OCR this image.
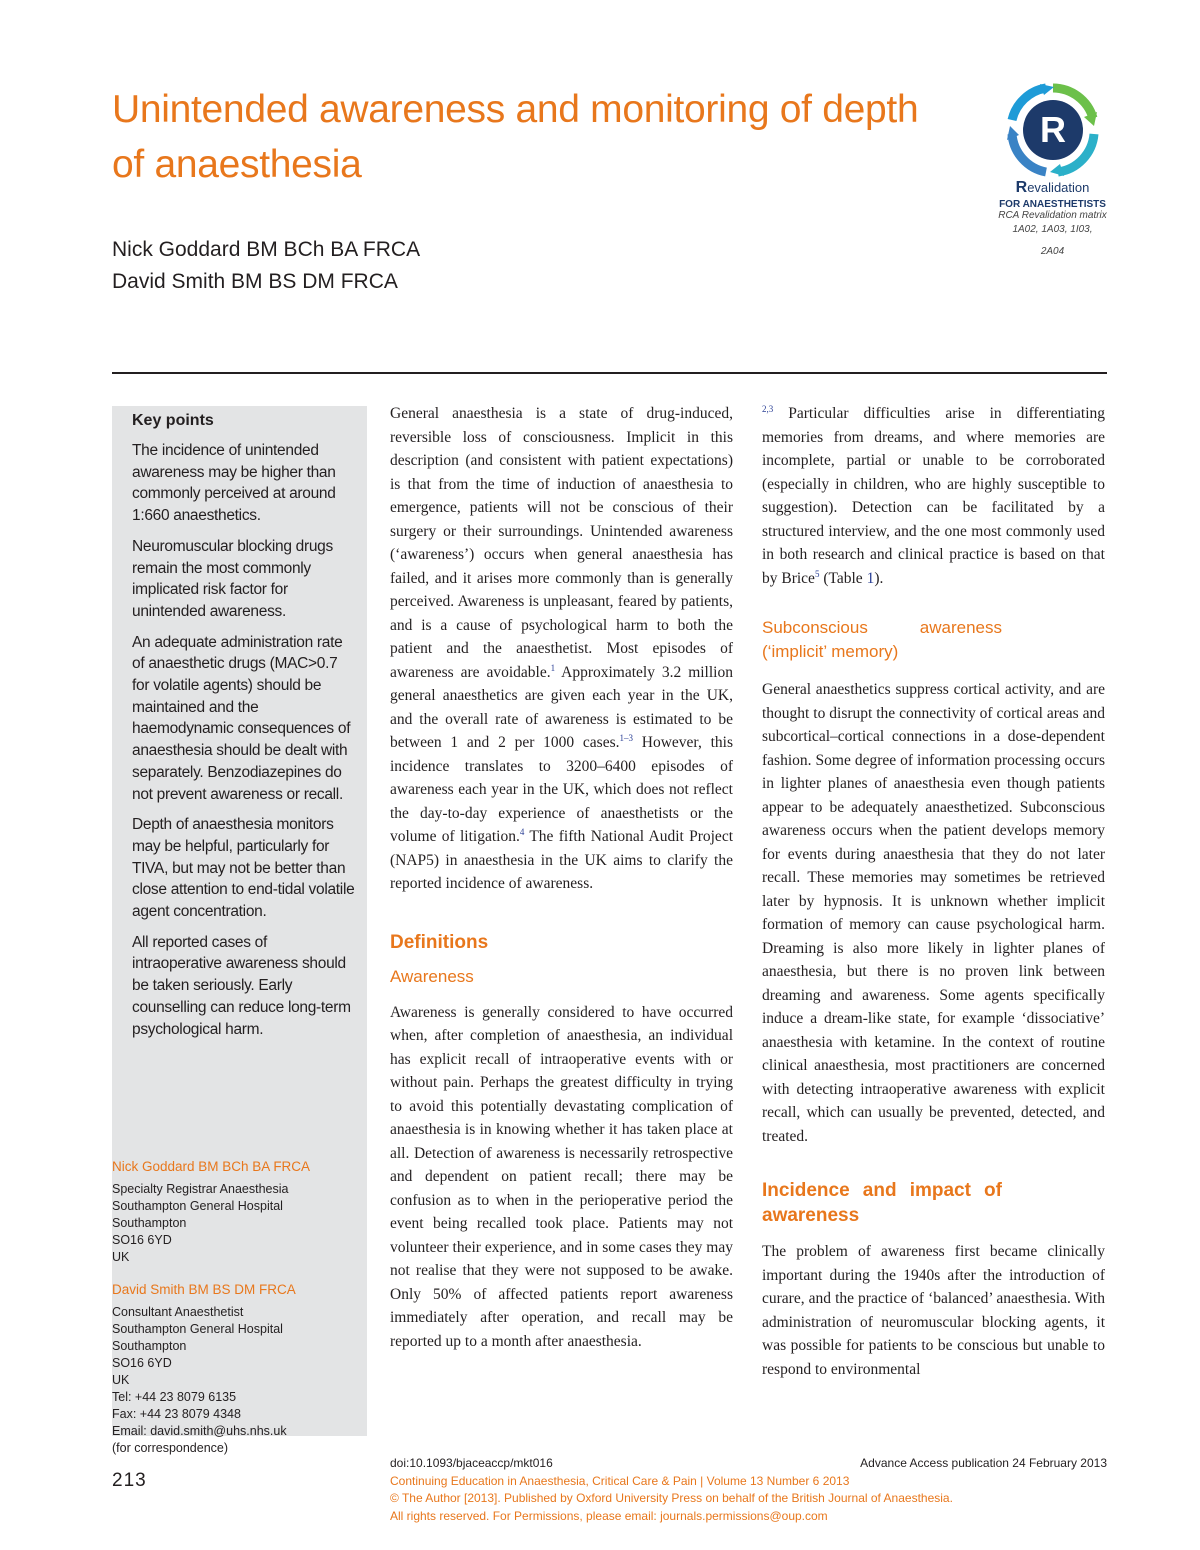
Unintended awareness and monitoring of depth of anaesthesia
Nick Goddard BM BCh BA FRCA
David Smith BM BS DM FRCA
R
Revalidation
FOR ANAESTHETISTS
RCA Revalidation matrix
1A02, 1A03, 1I03,
2A04
Key points

The incidence of unintended awareness may be higher than commonly perceived at around 1:660 anaesthetics.

Neuromuscular blocking drugs remain the most commonly implicated risk factor for unintended awareness.

An adequate administration rate of anaesthetic drugs (MAC>0.7 for volatile agents) should be maintained and the haemodynamic consequences of anaesthesia should be dealt with separately. Benzodiazepines do not prevent awareness or recall.

Depth of anaesthesia monitors may be helpful, particularly for TIVA, but may not be better than close attention to end-tidal volatile agent concentration.

All reported cases of intraoperative awareness should be taken seriously. Early counselling can reduce long-term psychological harm.

Nick Goddard BM BCh BA FRCA
Specialty Registrar Anaesthesia
Southampton General Hospital
Southampton
SO16 6YD
UK
David Smith BM BS DM FRCA
Consultant Anaesthetist
Southampton General Hospital
Southampton
SO16 6YD
UK
Tel: +44 23 8079 6135
Fax: +44 23 8079 4348
Email: david.smith@uhs.nhs.uk
(for correspondence)
213

General anaesthesia is a state of drug-induced, reversible loss of consciousness. Implicit in this description (and consistent with patient expectations) is that from the time of induction of anaesthesia to emergence, patients will not be conscious of their surgery or their surroundings. Unintended awareness (‘awareness’) occurs when general anaesthesia has failed, and it arises more commonly than is generally perceived. Awareness is unpleasant, feared by patients, and is a cause of psychological harm to both the patient and the anaesthetist. Most episodes of awareness are avoidable.$^1$ Approximately 3.2 million general anaesthetics are given each year in the UK, and the overall rate of awareness is estimated to be between 1 and 2 per 1000 cases.$^{1-3}$ However, this incidence translates to 3200–6400 episodes of awareness each year in the UK, which does not reflect the day-to-day experience of anaesthetists or the volume of litigation.$^4$ The fifth National Audit Project (NAP5) in anaesthesia in the UK aims to clarify the reported incidence of awareness.

Definitions
Awareness

Awareness is generally considered to have occurred when, after completion of anaesthesia, an individual has explicit recall of intraoperative events with or without pain. Perhaps the greatest difficulty in trying to avoid this potentially devastating complication of anaesthesia is in knowing whether it has taken place at all. Detection of awareness is necessarily retrospective and dependent on patient recall; there may be confusion as to when in the perioperative period the event being recalled took place. Patients may not volunteer their experience, and in some cases they may not realise that they were not supposed to be awake. Only 50% of affected patients report awareness immediately after operation, and recall may be reported up to a month after anaesthesia.

$^{2,3}$ Particular difficulties arise in differentiating memories from dreams, and where memories are incomplete, partial or unable to be corroborated (especially in children, who are highly susceptible to suggestion). Detection can be facilitated by a structured interview, and the one most commonly used in both research and clinical practice is based on that by Brice$^5$ (Table 1).

Subconscious awareness (‘implicit’ memory)

General anaesthetics suppress cortical activity, and are thought to disrupt the connectivity of cortical areas and subcortical–cortical connections in a dose-dependent fashion. Some degree of information processing occurs in lighter planes of anaesthesia even though patients appear to be adequately anaesthetized. Subconscious awareness occurs when the patient develops memory for events during anaesthesia that they do not later recall. These memories may sometimes be retrieved later by hypnosis. It is unknown whether implicit formation of memory can cause psychological harm. Dreaming is also more likely in lighter planes of anaesthesia, but there is no proven link between dreaming and awareness. Some agents specifically induce a dream-like state, for example ‘dissociative’ anaesthesia with ketamine. In the context of routine clinical anaesthesia, most practitioners are concerned with detecting intraoperative awareness with explicit recall, which can usually be prevented, detected, and treated.

Incidence and impact of awareness

The problem of awareness first became clinically important during the 1940s after the introduction of curare, and the practice of ‘balanced’ anaesthesia. With administration of neuromuscular blocking agents, it was possible for patients to be conscious but unable to respond to environmental

doi:10.1093/bjaceaccp/mkt016	Advance Access publication 24 February 2013
Continuing Education in Anaesthesia, Critical Care & Pain | Volume 13 Number 6 2013
© The Author [2013]. Published by Oxford University Press on behalf of the British Journal of Anaesthesia.
All rights reserved. For Permissions, please email: journals.permissions@oup.com
